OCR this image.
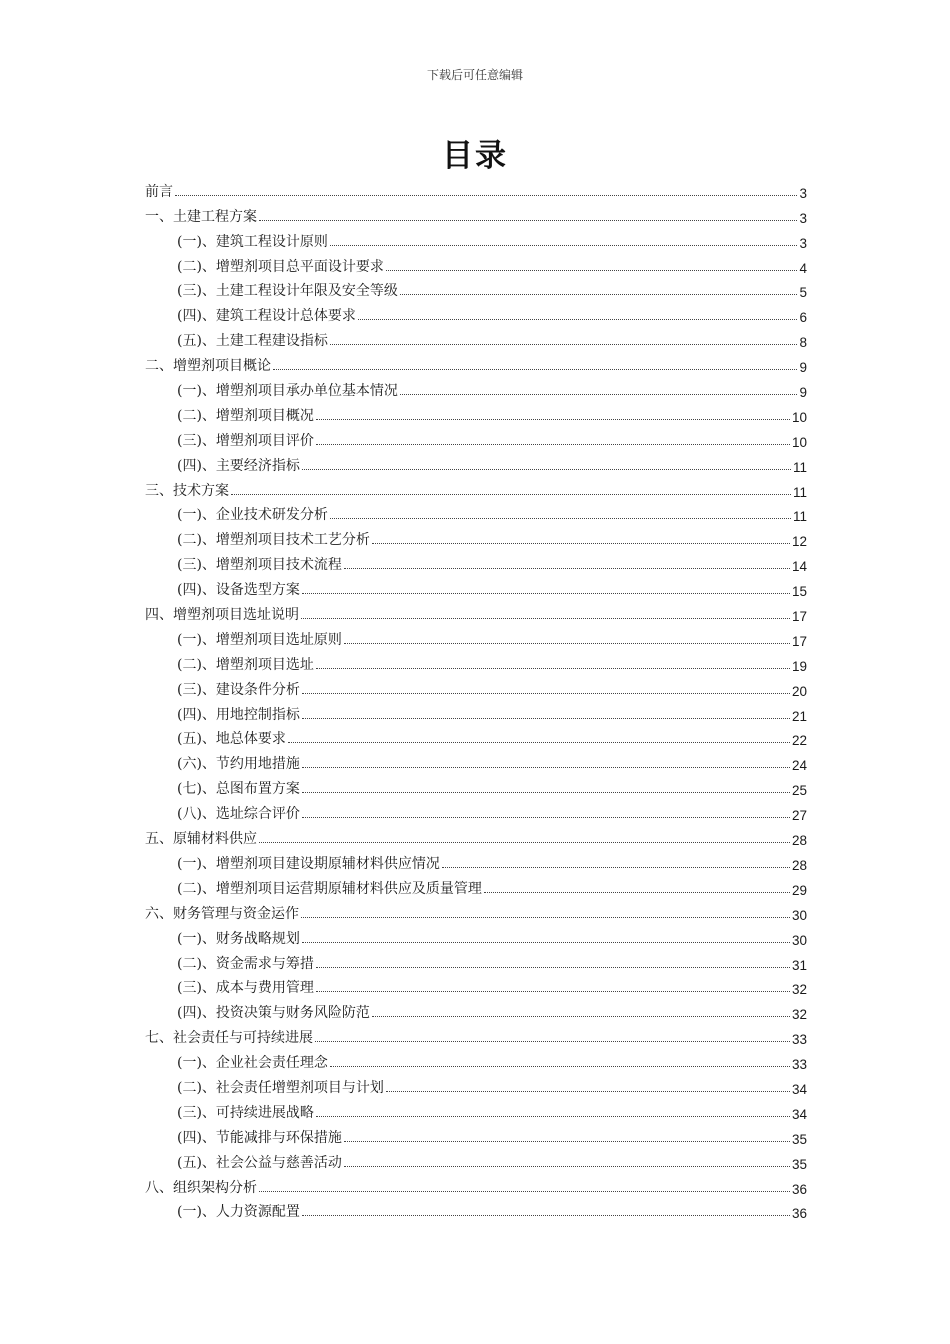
下载后可任意编辑
目录
前言	3
一、土建工程方案	3
(一)、建筑工程设计原则	3
(二)、增塑剂项目总平面设计要求	4
(三)、土建工程设计年限及安全等级	5
(四)、建筑工程设计总体要求	6
(五)、土建工程建设指标	8
二、增塑剂项目概论	9
(一)、增塑剂项目承办单位基本情况	9
(二)、增塑剂项目概况	10
(三)、增塑剂项目评价	10
(四)、主要经济指标	11
三、技术方案	11
(一)、企业技术研发分析	11
(二)、增塑剂项目技术工艺分析	12
(三)、增塑剂项目技术流程	14
(四)、设备选型方案	15
四、增塑剂项目选址说明	17
(一)、增塑剂项目选址原则	17
(二)、增塑剂项目选址	19
(三)、建设条件分析	20
(四)、用地控制指标	21
(五)、地总体要求	22
(六)、节约用地措施	24
(七)、总图布置方案	25
(八)、选址综合评价	27
五、原辅材料供应	28
(一)、增塑剂项目建设期原辅材料供应情况	28
(二)、增塑剂项目运营期原辅材料供应及质量管理	29
六、财务管理与资金运作	30
(一)、财务战略规划	30
(二)、资金需求与筹措	31
(三)、成本与费用管理	32
(四)、投资决策与财务风险防范	32
七、社会责任与可持续进展	33
(一)、企业社会责任理念	33
(二)、社会责任增塑剂项目与计划	34
(三)、可持续进展战略	34
(四)、节能减排与环保措施	35
(五)、社会公益与慈善活动	35
八、组织架构分析	36
(一)、人力资源配置	36
